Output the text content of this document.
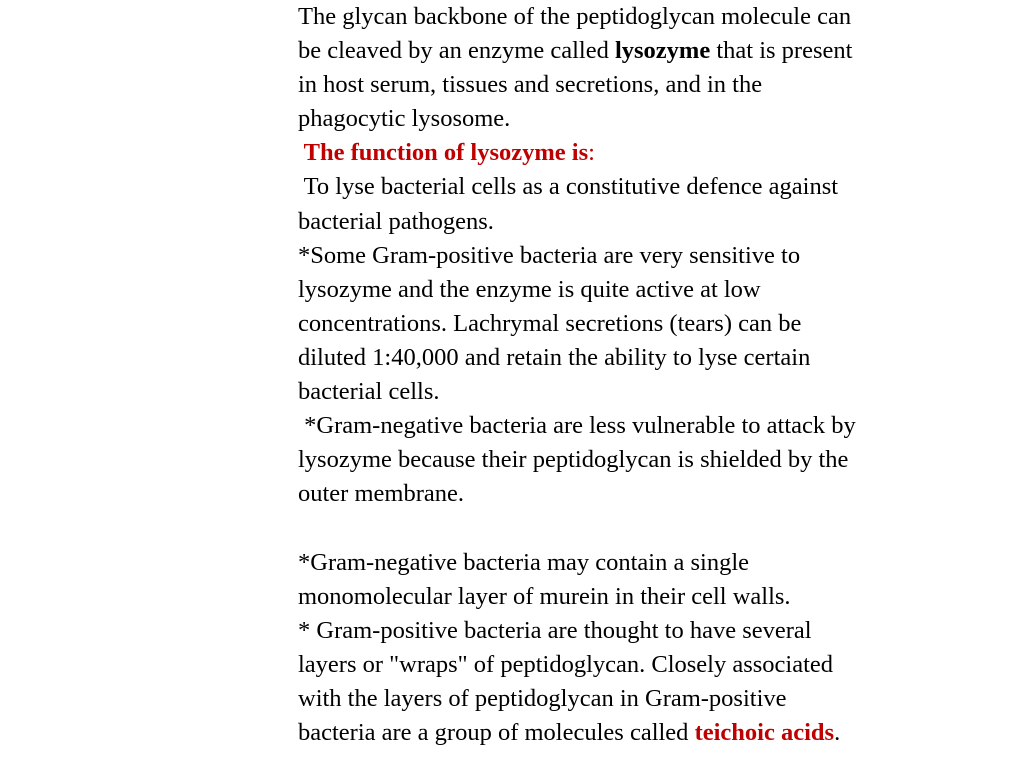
The glycan backbone of the peptidoglycan molecule can
be cleaved by an enzyme called lysozyme that is present
in host serum, tissues and secretions, and in the
phagocytic lysosome.
The function of lysozyme is:
To lyse bacterial cells as a constitutive defence against
bacterial pathogens.
*Some Gram-positive bacteria are very sensitive to
lysozyme and the enzyme is quite active at low
concentrations. Lachrymal secretions (tears) can be
diluted 1:40,000 and retain the ability to lyse certain
bacterial cells.
*Gram-negative bacteria are less vulnerable to attack by
lysozyme because their peptidoglycan is shielded by the
outer membrane.
*Gram-negative bacteria may contain a single
monomolecular layer of murein in their cell walls.
* Gram-positive bacteria are thought to have several
layers or "wraps" of peptidoglycan. Closely associated
with the layers of peptidoglycan in Gram-positive
bacteria are a group of molecules called teichoic acids.
